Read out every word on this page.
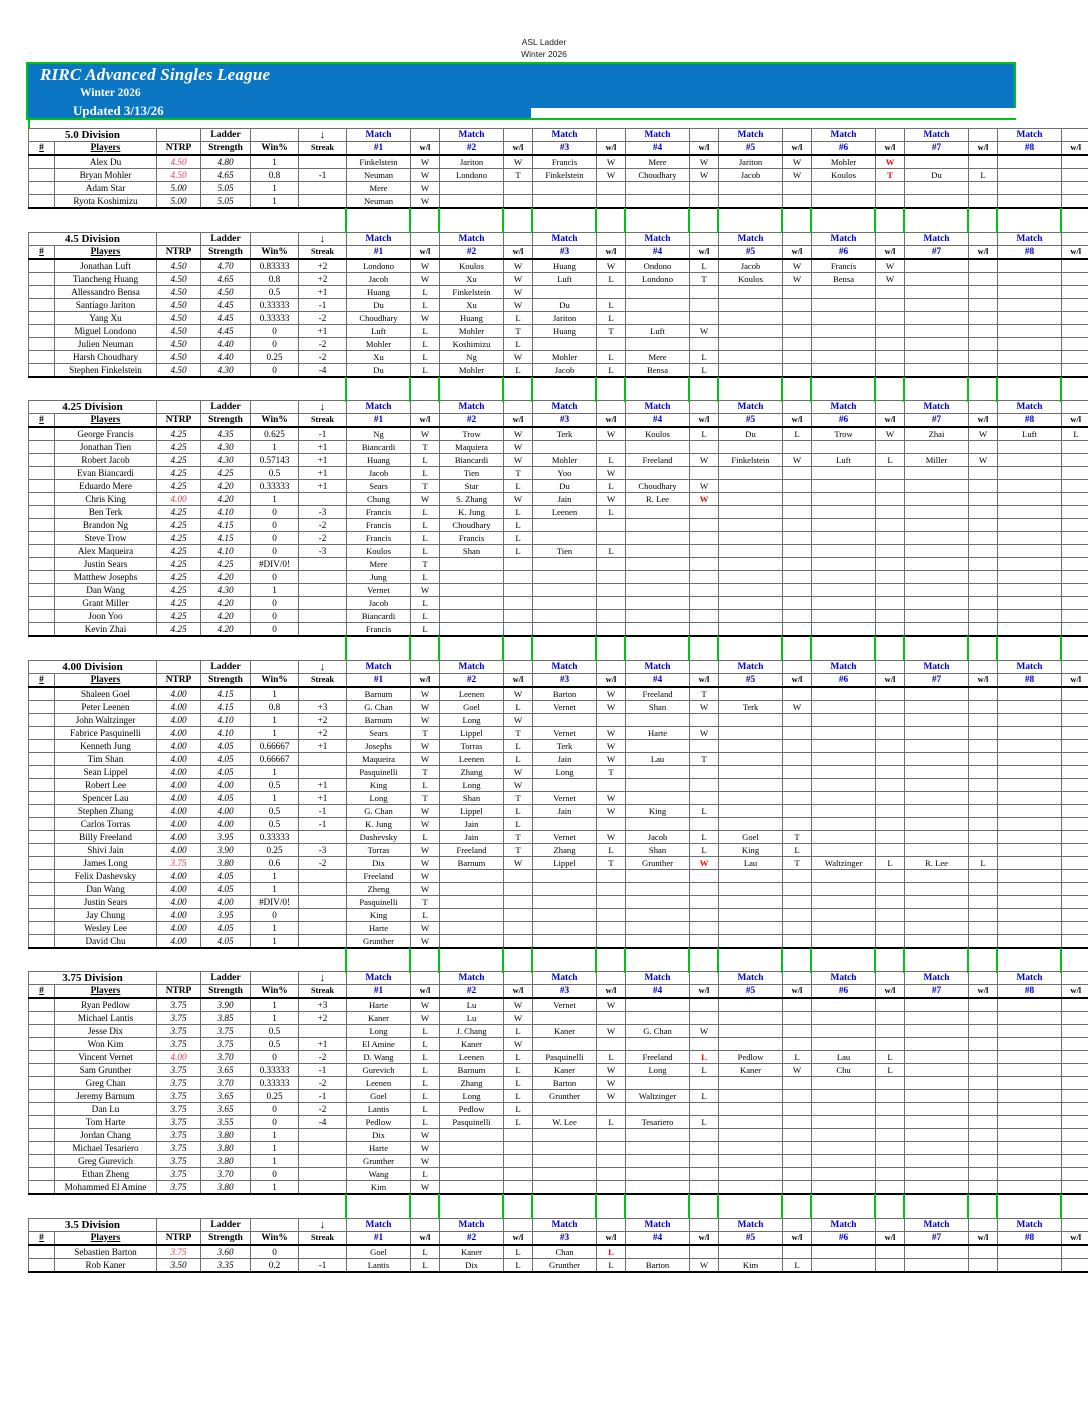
ASL Ladder
Winter 2026
RIRC Advanced Singles League
Winter 2026
Updated 3/13/26
5.0 Division			Ladder		↓	Match		Match		Match		Match		Match		Match		Match		Match	
#	Players	NTRP	Strength	Win%	Streak	#1	w/l	#2	w/l	#3	w/l	#4	w/l	#5	w/l	#6	w/l	#7	w/l	#8	w/l
	Alex Du	4.50	4.80	1		Finkelstein	W	Jariton	W	Francis	W	Mere	W	Jariton	W	Mohler	W				
	Bryan Mohler	4.50	4.65	0.8	-1	Neuman	W	Londono	T	Finkelstein	W	Choudhary	W	Jacob	W	Koulos	T	Du	L		
	Adam Star	5.00	5.05	1		Mere	W														
	Ryota Koshimizu	5.00	5.05	1		Neuman	W														

4.5 Division			Ladder		↓	Match		Match		Match		Match		Match		Match		Match		Match	
#	Players	NTRP	Strength	Win%	Streak	#1	w/l	#2	w/l	#3	w/l	#4	w/l	#5	w/l	#6	w/l	#7	w/l	#8	w/l
	Jonathan Luft	4.50	4.70	0.83333	+2	Londono	W	Koulos	W	Huang	W	Ondono	L	Jacob	W	Francis	W				
	Tiancheng Huang	4.50	4.65	0.8	+2	Jacob	W	Xu	W	Luft	L	Londono	T	Koulos	W	Bensa	W				
	Allessandro Bensa	4.50	4.50	0.5	+1	Huang	L	Finkelstein	W												
	Santiago Jariton	4.50	4.45	0.33333	-1	Du	L	Xu	W	Du	L										
	Yang Xu	4.50	4.45	0.33333	-2	Choudhary	W	Huang	L	Jariton	L										
	Miguel Londono	4.50	4.45	0	+1	Luft	L	Mohler	T	Huang	T	Luft	W								
	Julien Neuman	4.50	4.40	0	-2	Mohler	L	Koshimizu	L												
	Harsh Choudhary	4.50	4.40	0.25	-2	Xu	L	Ng	W	Mohler	L	Mere	L								
	Stephen Finkelstein	4.50	4.30	0	-4	Du	L	Mohler	L	Jacob	L	Bensa	L								

4.25 Division			Ladder		↓	Match		Match		Match		Match		Match		Match		Match		Match	
#	Players	NTRP	Strength	Win%	Streak	#1	w/l	#2	w/l	#3	w/l	#4	w/l	#5	w/l	#6	w/l	#7	w/l	#8	w/l
	George Francis	4.25	4.35	0.625	-1	Ng	W	Trow	W	Terk	W	Koulos	L	Du	L	Trow	W	Zhai	W	Luft	L
	Jonathan Tien	4.25	4.30	1	+1	Biancardi	T	Maquiera	W												
	Robert Jacob	4.25	4.30	0.57143	+1	Huang	L	Biancardi	W	Mohler	L	Freeland	W	Finkelstein	W	Luft	L	Miller	W		
	Evan Biancardi	4.25	4.25	0.5	+1	Jacob	L	Tien	T	Yoo	W										
	Eduardo Mere	4.25	4.20	0.33333	+1	Sears	T	Star	L	Du	L	Choudhary	W								
	Chris King	4.00	4.20	1		Chung	W	S. Zhang	W	Jain	W	R. Lee	W								
	Ben Terk	4.25	4.10	0	-3	Francis	L	K. Jung	L	Leenen	L										
	Brandon Ng	4.25	4.15	0	-2	Francis	L	Choudhary	L												
	Steve Trow	4.25	4.15	0	-2	Francis	L	Francis	L												
	Alex Maqueira	4.25	4.10	0	-3	Koulos	L	Shan	L	Tien	L										
	Justin Sears	4.25	4.25	#DIV/0!		Mere	T														
	Matthew Josephs	4.25	4.20	0		Jung	L														
	Dan Wang	4.25	4.30	1		Vernet	W														
	Grant Miller	4.25	4.20	0		Jacob	L														
	Joon Yoo	4.25	4.20	0		Biancardi	L														
	Kevin Zhai	4.25	4.20	0		Francis	L														

4.00 Division			Ladder		↓	Match		Match		Match		Match		Match		Match		Match		Match	
#	Players	NTRP	Strength	Win%	Streak	#1	w/l	#2	w/l	#3	w/l	#4	w/l	#5	w/l	#6	w/l	#7	w/l	#8	w/l
	Shaleen Goel	4.00	4.15	1		Barnum	W	Leenen	W	Barton	W	Freeland	T								
	Peter Leenen	4.00	4.15	0.8	+3	G. Chan	W	Goel	L	Vernet	W	Shan	W	Terk	W						
	John Waltzinger	4.00	4.10	1	+2	Barnum	W	Long	W												
	Fabrice Pasquinelli	4.00	4.10	1	+2	Sears	T	Lippel	T	Vernet	W	Harte	W								
	Kenneth Jung	4.00	4.05	0.66667	+1	Josephs	W	Torras	L	Terk	W										
	Tim Shan	4.00	4.05	0.66667		Maqueira	W	Leenen	L	Jain	W	Lau	T								
	Sean Lippel	4.00	4.05	1		Pasquinelli	T	Zhang	W	Long	T										
	Robert Lee	4.00	4.00	0.5	+1	King	L	Long	W												
	Spencer Lau	4.00	4.05	1	+1	Long	T	Shan	T	Vernet	W										
	Stephen Zhang	4.00	4.00	0.5	-1	G. Chan	W	Lippel	L	Jain	W	King	L								
	Carlos Torras	4.00	4.00	0.5	-1	K. Jung	W	Jain	L												
	Billy Freeland	4.00	3.95	0.33333		Dashevsky	L	Jain	T	Vernet	W	Jacob	L	Goel	T						
	Shivi Jain	4.00	3.90	0.25	-3	Torras	W	Freeland	T	Zhang	L	Shan	L	King	L						
	James Long	3.75	3.80	0.6	-2	Dix	W	Barnum	W	Lippel	T	Grunther	W	Lau	T	Waltzinger	L	R. Lee	L		
	Felix Dashevsky	4.00	4.05	1		Freeland	W														
	Dan Wang	4.00	4.05	1		Zheng	W														
	Justin Sears	4.00	4.00	#DIV/0!		Pasquinelli	T														
	Jay Chung	4.00	3.95	0		King	L														
	Wesley Lee	4.00	4.05	1		Harte	W														
	David Chu	4.00	4.05	1		Grunther	W														

3.75 Division			Ladder		↓	Match		Match		Match		Match		Match		Match		Match		Match	
#	Players	NTRP	Strength	Win%	Streak	#1	w/l	#2	w/l	#3	w/l	#4	w/l	#5	w/l	#6	w/l	#7	w/l	#8	w/l
	Ryan Pedlow	3.75	3.90	1	+3	Harte	W	Lu	W	Vernet	W										
	Michael Lantis	3.75	3.85	1	+2	Kaner	W	Lu	W												
	Jesse Dix	3.75	3.75	0.5		Long	L	J. Chang	L	Kaner	W	G. Chan	W								
	Won Kim	3.75	3.75	0.5	+1	El Amine	L	Kaner	W												
	Vincent Vernet	4.00	3.70	0	-2	D. Wang	L	Leenen	L	Pasquinelli	L	Freeland	L	Pedlow	L	Lau	L				
	Sam Grunther	3.75	3.65	0.33333	-1	Gurevich	L	Barnum	L	Kaner	W	Long	L	Kaner	W	Chu	L				
	Greg Chan	3.75	3.70	0.33333	-2	Leenen	L	Zhang	L	Barton	W										
	Jeremy Barnum	3.75	3.65	0.25	-1	Goel	L	Long	L	Grunther	W	Waltzinger	L								
	Dan Lu	3.75	3.65	0	-2	Lantis	L	Pedlow	L												
	Tom Harte	3.75	3.55	0	-4	Pedlow	L	Pasquinelli	L	W. Lee	L	Tesariero	L								
	Jordan Chang	3.75	3.80	1		Dix	W														
	Michael Tesariero	3.75	3.80	1		Harte	W														
	Greg Gurevich	3.75	3.80	1		Grunther	W														
	Ethan Zheng	3.75	3.70	0		Wang	L														
	Mohammed El Amine	3.75	3.80	1		Kim	W														

3.5 Division			Ladder		↓	Match		Match		Match		Match		Match		Match		Match		Match	
#	Players	NTRP	Strength	Win%	Streak	#1	w/l	#2	w/l	#3	w/l	#4	w/l	#5	w/l	#6	w/l	#7	w/l	#8	w/l
	Sebastien Barton	3.75	3.60	0		Goel	L	Kaner	L	Chan	L										
	Rob Kaner	3.50	3.35	0.2	-1	Lantis	L	Dix	L	Grunther	L	Barton	W	Kim	L						
